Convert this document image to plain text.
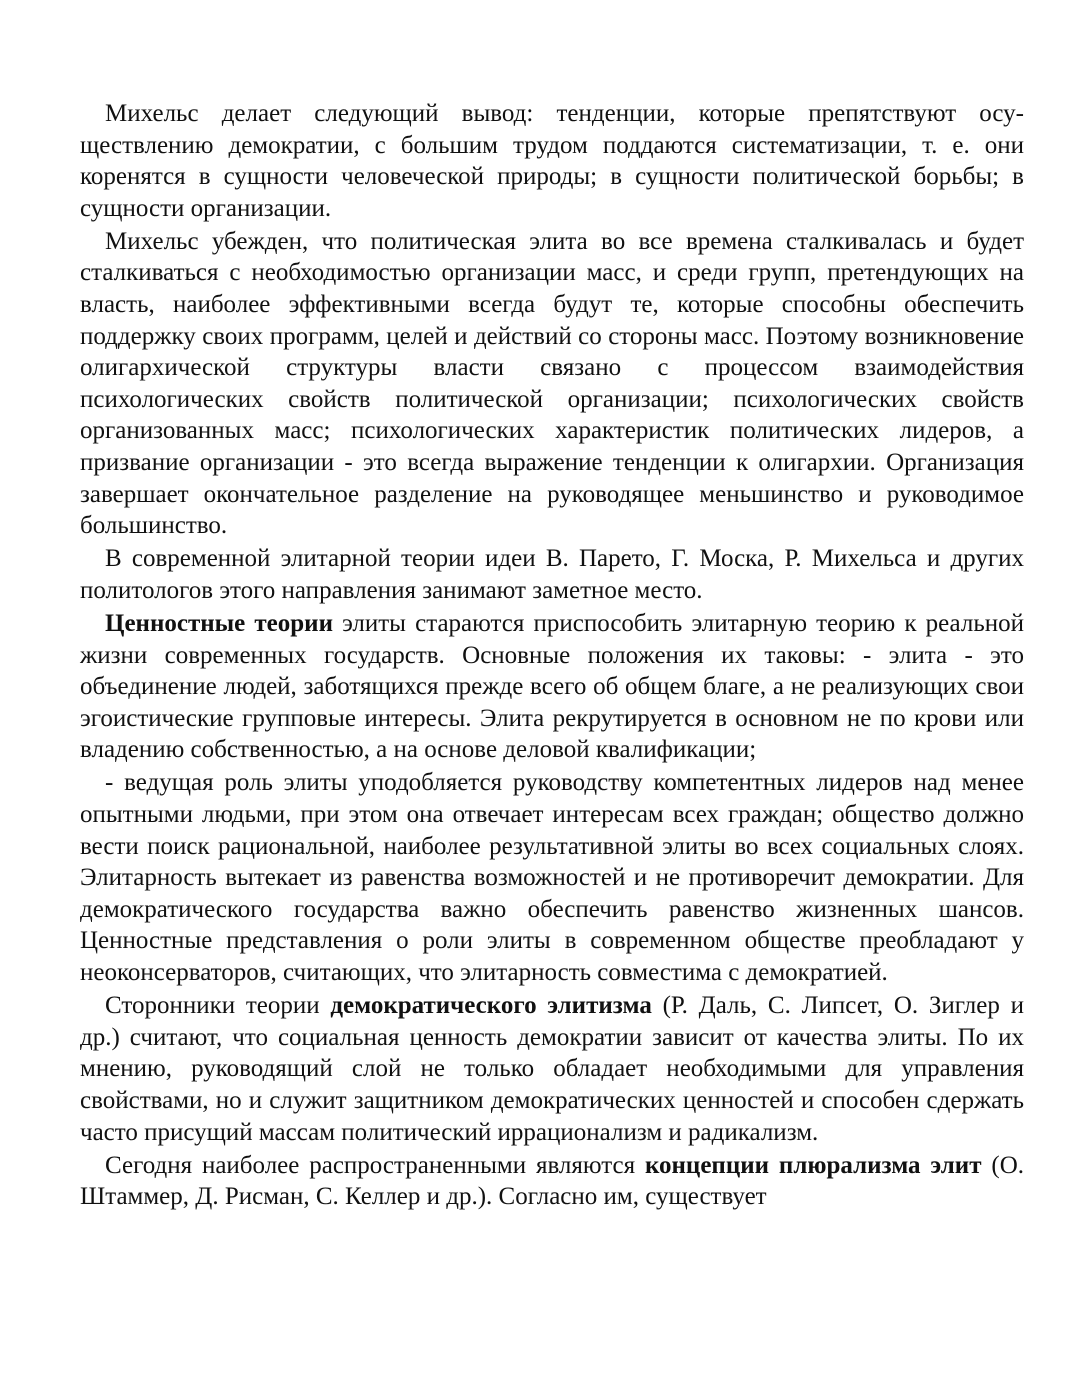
Михельс делает следующий вывод: тенденции, которые препятствуют осуществлению демократии, с большим трудом поддаются систематизации, т. е. они коренятся в сущности человеческой природы; в сущности политической борьбы; в сущности организации.

Михельс убежден, что политическая элита во все времена сталкивалась и будет сталкиваться с необходимостью организации масс, и среди групп, претендующих на власть, наиболее эффективными всегда будут те, которые способны обеспечить поддержку своих программ, целей и действий со стороны масс. Поэтому возникновение олигархической структуры власти связано с процессом взаимодействия психологических свойств политической организации; психологических свойств организованных масс; психологических характеристик политических лидеров, а призвание организации - это всегда выражение тенденции к олигархии. Организация завершает окончательное разделение на руководящее меньшинство и руководимое большинство.

В современной элитарной теории идеи В. Парето, Г. Моска, Р. Михельса и других политологов этого направления занимают заметное место.

Ценностные теории элиты стараются приспособить элитарную теорию к реальной жизни современных государств. Основные положения их таковы: - элита - это объединение людей, заботящихся прежде всего об общем благе, а не реализующих свои эгоистические групповые интересы. Элита рекрутируется в основном не по крови или владению собственностью, а на основе деловой квалификации;

- ведущая роль элиты уподобляется руководству компетентных лидеров над менее опытными людьми, при этом она отвечает интересам всех граждан; общество должно вести поиск рациональной, наиболее результативной элиты во всех социальных слоях. Элитарность вытекает из равенства возможностей и не противоречит демократии. Для демократического государства важно обеспечить равенство жизненных шансов. Ценностные представления о роли элиты в современном обществе преобладают у неоконсерваторов, считающих, что элитарность совместима с демократией.

Сторонники теории демократического элитизма (Р. Даль, С. Липсет, О. Зиглер и др.) считают, что социальная ценность демократии зависит от качества элиты. По их мнению, руководящий слой не только обладает необходимыми для управления свойствами, но и служит защитником демократических ценностей и способен сдержать часто присущий массам политический иррационализм и радикализм.

Сегодня наиболее распространенными являются концепции плюрализма элит (О. Штаммер, Д. Рисман, С. Келлер и др.). Согласно им, существует
